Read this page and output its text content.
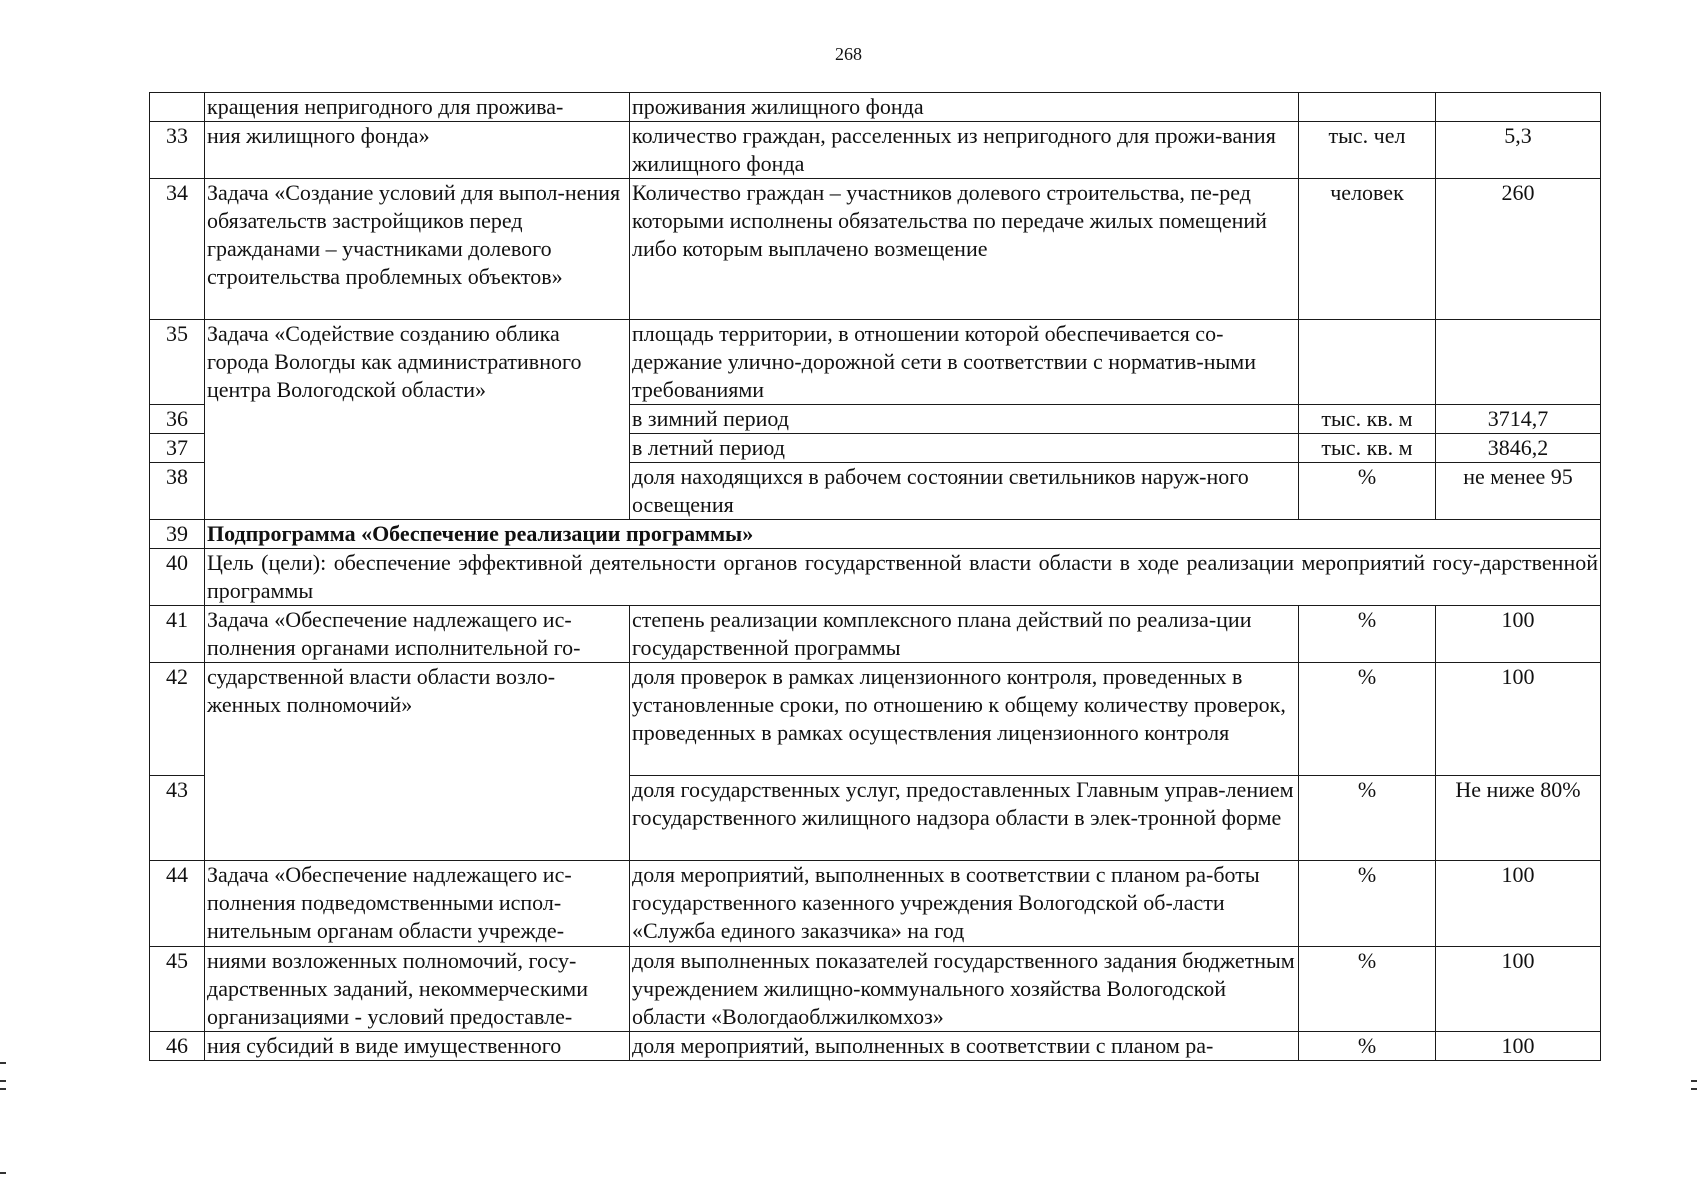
268
	кращения непригодного для прожива-	проживания жилищного фонда		
33	ния жилищного фонда»	количество граждан, расселенных из непригодного для прожи-вания жилищного фонда	тыс. чел	5,3
34	Задача «Создание условий для выпол-нения обязательств застройщиков перед гражданами – участниками долевого строительства проблемных объектов»	Количество граждан – участников долевого строительства, пе-ред которыми исполнены обязательства по передаче жилых помещений либо которым выплачено возмещение	человек	260
35	Задача «Содействие созданию облика города Вологды как административного центра Вологодской области»	площадь территории, в отношении которой обеспечивается со-держание улично-дорожной сети в соответствии с норматив-ными требованиями		
36		в зимний период	тыс. кв. м	3714,7
37		в летний период	тыс. кв. м	3846,2
38		доля находящихся в рабочем состоянии светильников наруж-ного освещения	%	не менее 95
39	Подпрограмма «Обеспечение реализации программы»			
40	Цель (цели): обеспечение эффективной деятельности органов государственной власти области в ходе реализации мероприятий госу-дарственной программы			
41	Задача «Обеспечение надлежащего ис-полнения органами исполнительной го-	степень реализации комплексного плана действий по реализа-ции государственной программы	%	100
42	сударственной власти области возло-женных полномочий»	доля проверок в рамках лицензионного контроля, проведенных в установленные сроки, по отношению к общему количеству проверок, проведенных в рамках осуществления лицензионного контроля	%	100
43		доля государственных услуг, предоставленных Главным управ-лением государственного жилищного надзора области в элек-тронной форме	%	Не ниже 80%
44	Задача «Обеспечение надлежащего ис-полнения подведомственными испол-нительным органам области учрежде-	доля мероприятий, выполненных в соответствии с планом ра-боты государственного казенного учреждения Вологодской об-ласти «Служба единого заказчика» на год	%	100
45	ниями возложенных полномочий, госу-дарственных заданий, некоммерческими организациями - условий предоставле-	доля выполненных показателей государственного задания бюджетным учреждением жилищно-коммунального хозяйства Вологодской области «Вологдаоблжилкомхоз»	%	100
46	ния субсидий в виде имущественного	доля мероприятий, выполненных в соответствии с планом ра-	%	100
